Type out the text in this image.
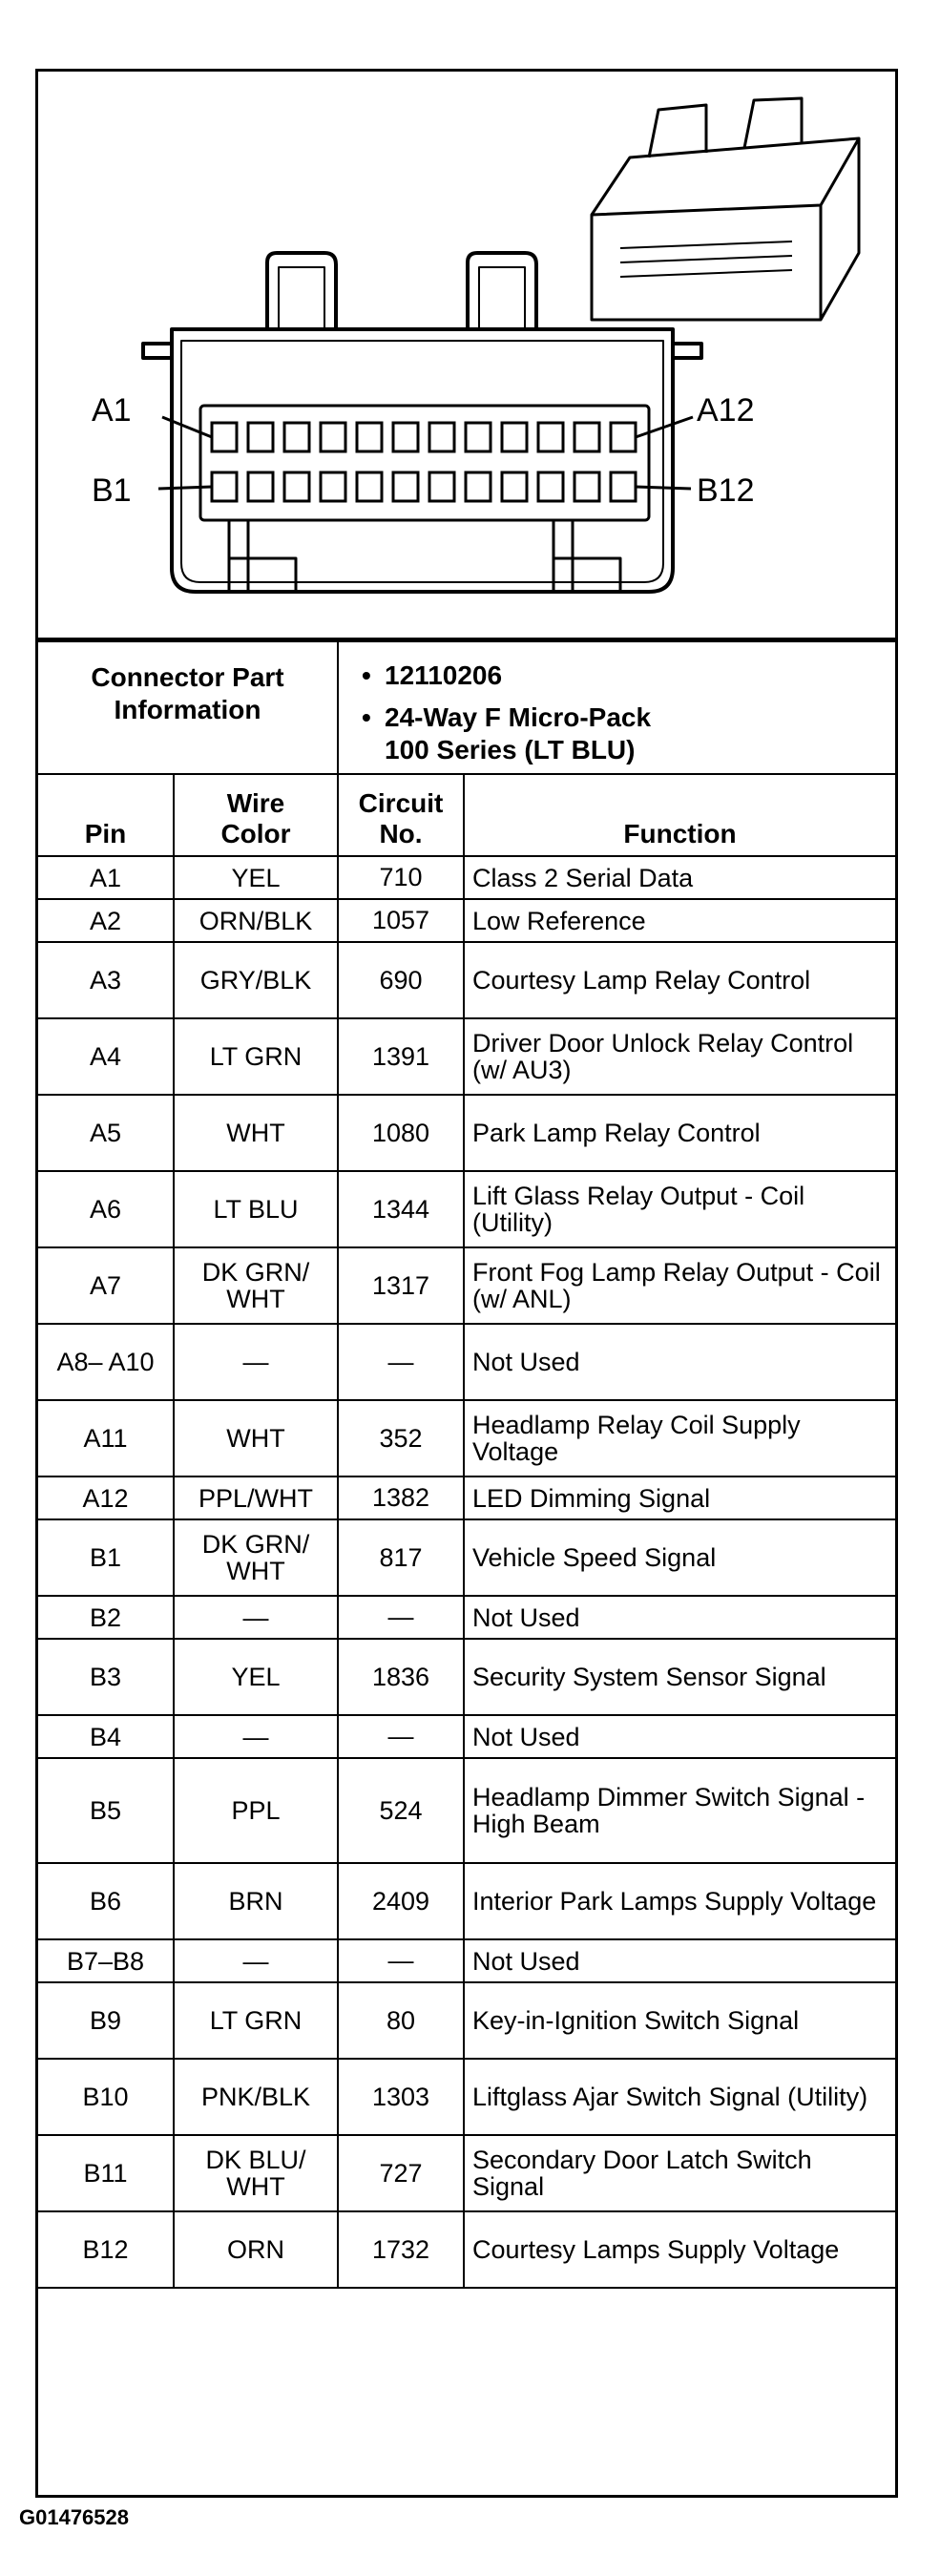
A1
B1
A12
B12
Connector Part Information		• 12110206
• 24-Way F Micro-Pack 100 Series (LT BLU)

Pin	Wire Color	Circuit No.	Function
A1	YEL	710	Class 2 Serial Data
A2	ORN/BLK	1057	Low Reference
A3	GRY/BLK	690	Courtesy Lamp Relay Control
A4	LT GRN	1391	Driver Door Unlock Relay Control (w/ AU3)
A5	WHT	1080	Park Lamp Relay Control
A6	LT BLU	1344	Lift Glass Relay Output - Coil (Utility)
A7	DK GRN/ WHT	1317	Front Fog Lamp Relay Output - Coil (w/ ANL)
A8– A10	—	—	Not Used
A11	WHT	352	Headlamp Relay Coil Supply Voltage
A12	PPL/WHT	1382	LED Dimming Signal
B1	DK GRN/ WHT	817	Vehicle Speed Signal
B2	—	—	Not Used
B3	YEL	1836	Security System Sensor Signal
B4	—	—	Not Used
B5	PPL	524	Headlamp Dimmer Switch Signal - High Beam
B6	BRN	2409	Interior Park Lamps Supply Voltage
B7–B8	—	—	Not Used
B9	LT GRN	80	Key-in-Ignition Switch Signal
B10	PNK/BLK	1303	Liftglass Ajar Switch Signal (Utility)
B11	DK BLU/ WHT	727	Secondary Door Latch Switch Signal
B12	ORN	1732	Courtesy Lamps Supply Voltage
G01476528
